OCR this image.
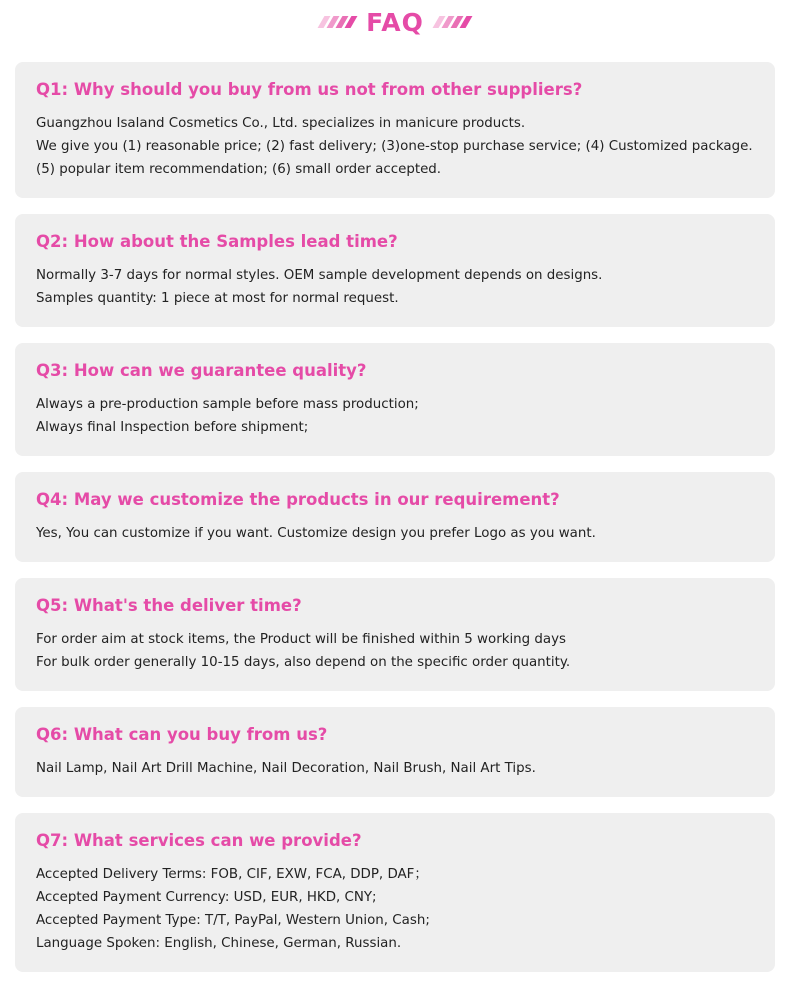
FAQ
Q1: Why should you buy from us not from other suppliers?
Guangzhou Isaland Cosmetics Co., Ltd. specializes in manicure products.
We give you (1) reasonable price; (2) fast delivery; (3)one-stop purchase service; (4) Customized package.
(5) popular item recommendation; (6) small order accepted.
Q2: How about the Samples lead time?
Normally 3-7 days for normal styles. OEM sample development depends on designs.
Samples quantity: 1 piece at most for normal request.
Q3: How can we guarantee quality?
Always a pre-production sample before mass production;
Always final Inspection before shipment;
Q4: May we customize the products in our requirement?
Yes, You can customize if you want. Customize design you prefer Logo as you want.
Q5: What's the deliver time?
For order aim at stock items, the Product will be finished within 5 working days
For bulk order generally 10-15 days, also depend on the specific order quantity.
Q6: What can you buy from us?
Nail Lamp, Nail Art Drill Machine, Nail Decoration, Nail Brush, Nail Art Tips.
Q7: What services can we provide?
Accepted Delivery Terms: FOB, CIF, EXW, FCA, DDP, DAF；
Accepted Payment Currency: USD, EUR, HKD, CNY;
Accepted Payment Type: T/T, PayPal, Western Union, Cash;
Language Spoken: English, Chinese, German, Russian.
